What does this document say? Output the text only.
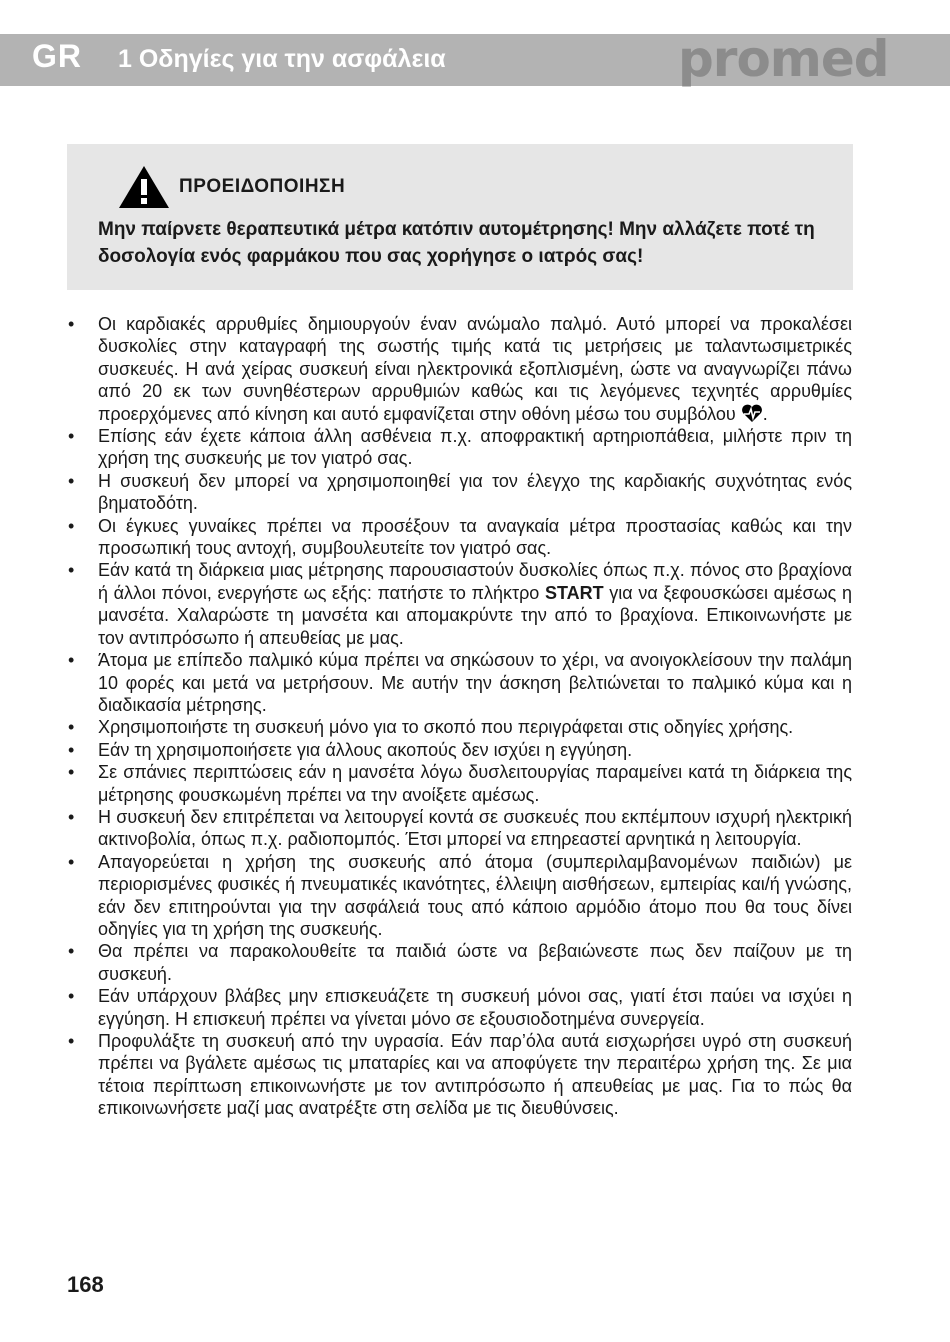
GR 1 Οδηγίες για την ασφάλεια	promed
ΠΡΟΕΙΔΟΠΟΙΗΣΗ
Μην παίρνετε θεραπευτικά μέτρα κατόπιν αυτομέτρησης! Μην αλλάζετε ποτέ τη δοσολογία ενός φαρμάκου που σας χορήγησε ο ιατρός σας!
• Οι καρδιακές αρρυθμίες δημιουργούν έναν ανώμαλο παλμό. Αυτό μπορεί να προκαλέσει δυσκολίες στην καταγραφή της σωστής τιμής κατά τις μετρήσεις με ταλαντωσιμετρικές συσκευές. Η ανά χείρας συσκευή είναι ηλεκτρονικά εξοπλισμένη, ώστε να αναγνωρίζει πάνω από 20 εκ των συνηθέστερων αρρυθμιών καθώς και τις λεγόμενες τεχνητές αρρυθμίες προερχόμενες από κίνηση και αυτό εμφανίζεται στην οθόνη μέσω του συμβόλου .
• Επίσης εάν έχετε κάποια άλλη ασθένεια π.χ. αποφρακτική αρτηριοπάθεια, μιλήστε πριν τη χρήση της συσκευής με τον γιατρό σας.
• Η συσκευή δεν μπορεί να χρησιμοποιηθεί για τον έλεγχο της καρδιακής συχνότητας ενός βηματοδότη.
• Οι έγκυες γυναίκες πρέπει να προσέξουν τα αναγκαία μέτρα προστασίας καθώς και την προσωπική τους αντοχή, συμβουλευτείτε τον γιατρό σας.
• Εάν κατά τη διάρκεια μιας μέτρησης παρουσιαστούν δυσκολίες όπως π.χ. πόνος στο βραχίονα ή άλλοι πόνοι, ενεργήστε ως εξής: πατήστε το πλήκτρο START για να ξεφουσκώσει αμέσως η μανσέτα. Χαλαρώστε τη μανσέτα και απομακρύντε την από το βραχίονα. Επικοινωνήστε με τον αντιπρόσωπο ή απευθείας με μας.
• Άτομα με επίπεδο παλμικό κύμα πρέπει να σηκώσουν το χέρι, να ανοιγοκλείσουν την παλάμη 10 φορές και μετά να μετρήσουν. Με αυτήν την άσκηση βελτιώνεται το παλμικό κύμα και η διαδικασία μέτρησης.
• Χρησιμοποιήστε τη συσκευή μόνο για το σκοπό που περιγράφεται στις οδηγίες χρήσης.
• Εάν τη χρησιμοποιήσετε για άλλους ακοπούς δεν ισχύει η εγγύηση.
• Σε σπάνιες περιπτώσεις εάν η μανσέτα λόγω δυσλειτουργίας παραμείνει κατά τη διάρκεια της μέτρησης φουσκωμένη πρέπει να την ανοίξετε αμέσως.
• Η συσκευή δεν επιτρέπεται να λειτουργεί κοντά σε συσκευές που εκπέμπουν ισχυρή ηλεκτρική ακτινοβολία, όπως π.χ. ραδιοπομπός. Έτσι μπορεί να επηρεαστεί αρνητικά η λειτουργία.
• Απαγορεύεται η χρήση της συσκευής από άτομα (συμπεριλαμβανομένων παιδιών) με περιορισμένες φυσικές ή πνευματικές ικανότητες, έλλειψη αισθήσεων, εμπειρίας και/ή γνώσης, εάν δεν επιτηρούνται για την ασφάλειά τους από κάποιο αρμόδιο άτομο που θα τους δίνει οδηγίες για τη χρήση της συσκευής.
• Θα πρέπει να παρακολουθείτε τα παιδιά ώστε να βεβαιώνεστε πως δεν παίζουν με τη συσκευή.
• Εάν υπάρχουν βλάβες μην επισκευάζετε τη συσκευή μόνοι σας, γιατί έτσι παύει να ισχύει η εγγύηση. Η επισκευή πρέπει να γίνεται μόνο σε εξουσιοδοτημένα συνεργεία.
• Προφυλάξτε τη συσκευή από την υγρασία. Εάν παρ’όλα αυτά εισχωρήσει υγρό στη συσκευή πρέπει να βγάλετε αμέσως τις μπαταρίες και να αποφύγετε την περαιτέρω χρήση της. Σε μια τέτοια περίπτωση επικοινωνήστε με τον αντιπρόσωπο ή απευθείας με μας. Για το πώς θα επικοινωνήσετε μαζί μας ανατρέξτε στη σελίδα με τις διευθύνσεις.
168
